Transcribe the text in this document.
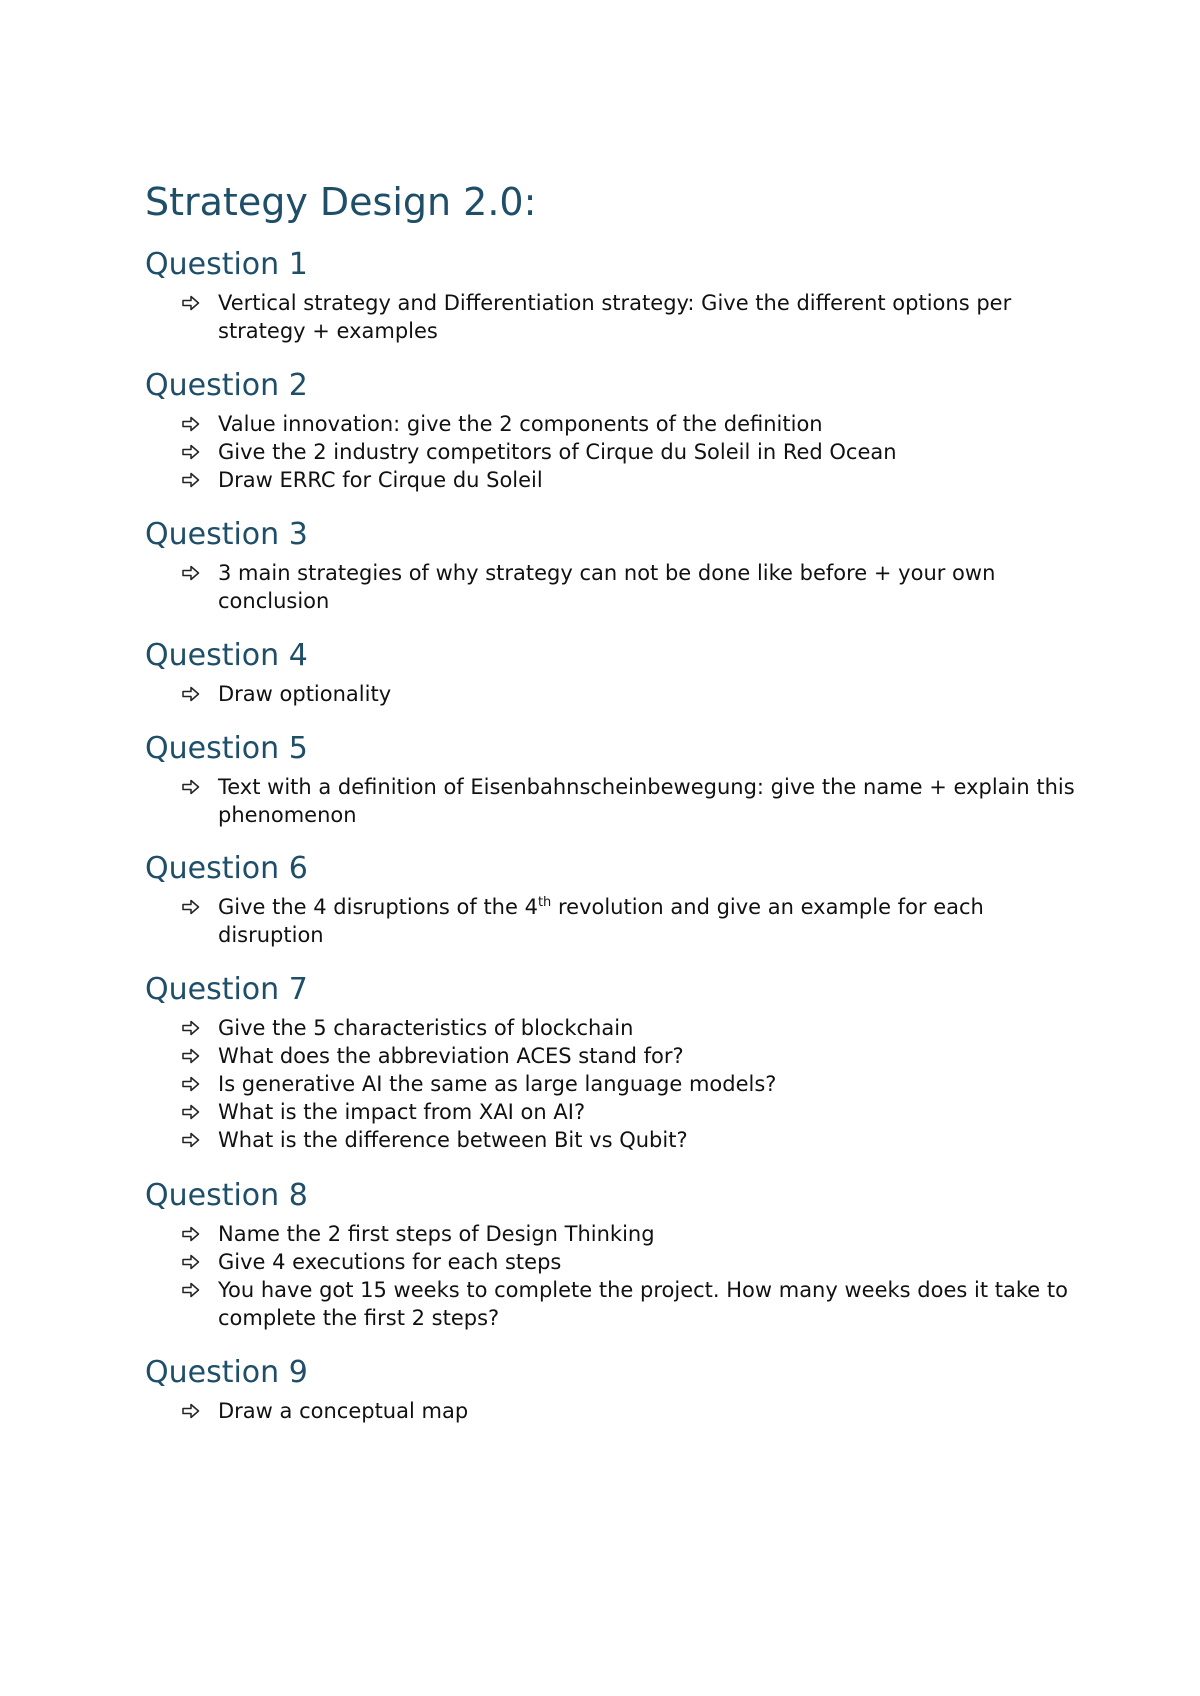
Strategy Design 2.0:
Question 1
Vertical strategy and Differentiation strategy: Give the different options per strategy + examples
Question 2
Value innovation: give the 2 components of the definition
Give the 2 industry competitors of Cirque du Soleil in Red Ocean
Draw ERRC for Cirque du Soleil
Question 3
3 main strategies of why strategy can not be done like before + your own conclusion
Question 4
Draw optionality
Question 5
Text with a definition of Eisenbahnscheinbewegung: give the name + explain this phenomenon
Question 6
Give the 4 disruptions of the 4th revolution and give an example for each disruption
Question 7
Give the 5 characteristics of blockchain
What does the abbreviation ACES stand for?
Is generative AI the same as large language models?
What is the impact from XAI on AI?
What is the difference between Bit vs Qubit?
Question 8
Name the 2 first steps of Design Thinking
Give 4 executions for each steps
You have got 15 weeks to complete the project. How many weeks does it take to complete the first 2 steps?
Question 9
Draw a conceptual map
